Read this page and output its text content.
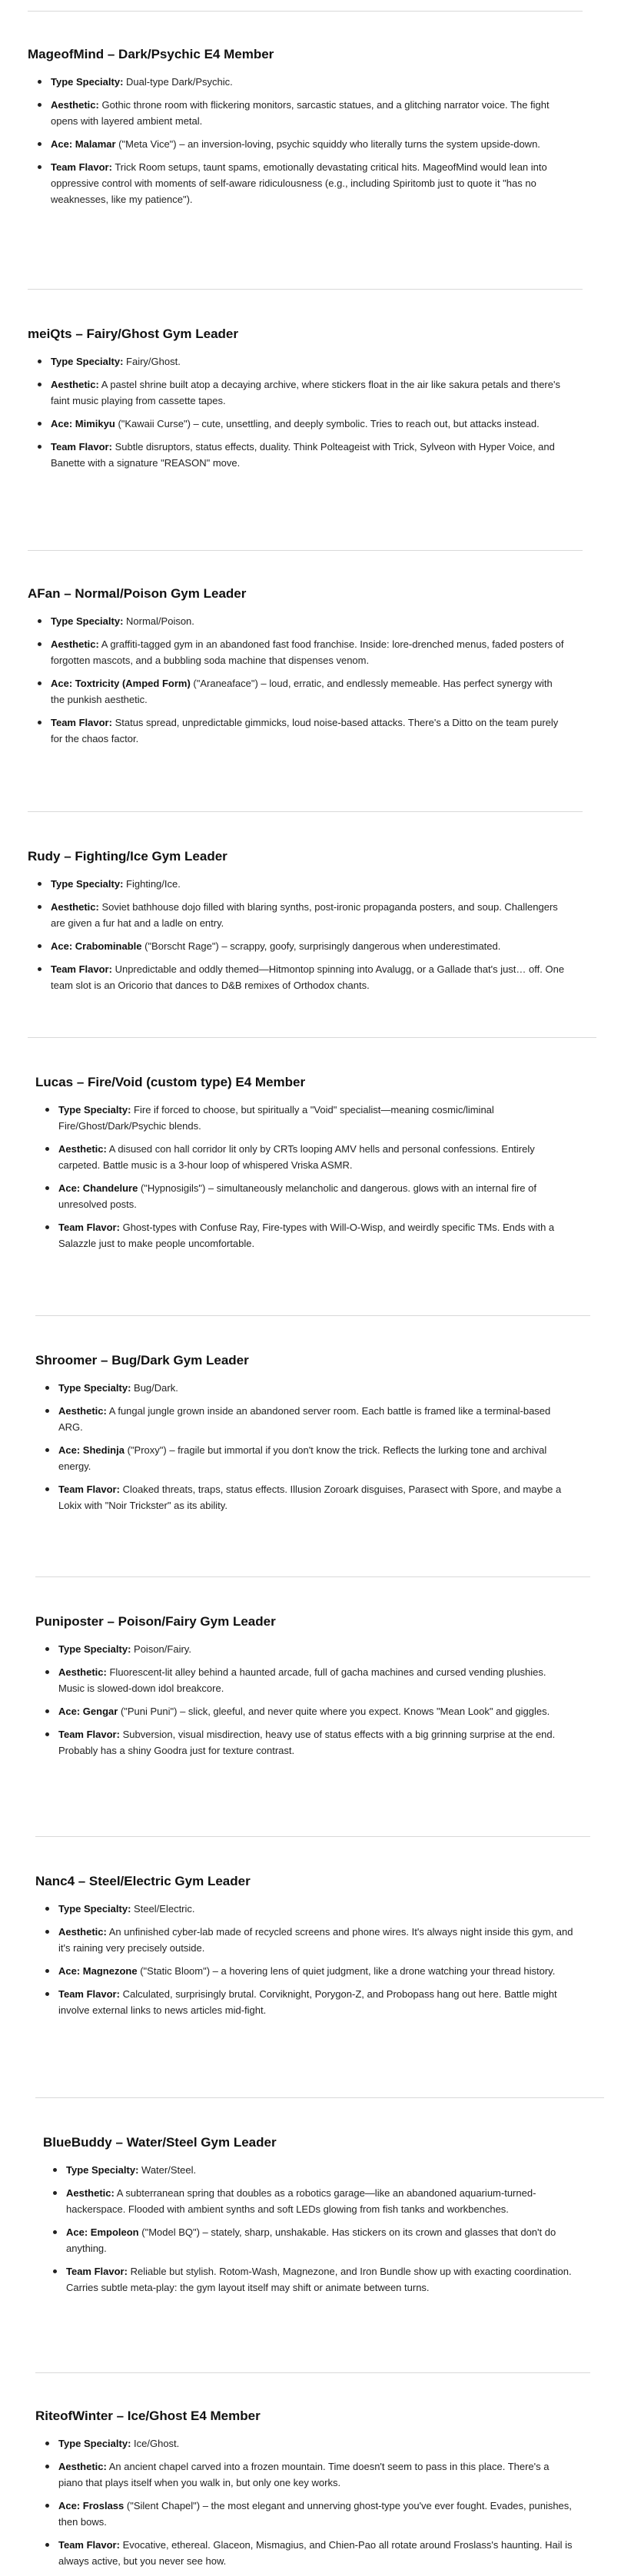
MageofMind – Dark/Psychic E4 Member
Type Specialty: Dual-type Dark/Psychic.
Aesthetic: Gothic throne room with flickering monitors, sarcastic statues, and a glitching narrator voice. The fight opens with layered ambient metal.
Ace: Malamar ("Meta Vice") – an inversion-loving, psychic squiddy who literally turns the system upside-down.
Team Flavor: Trick Room setups, taunt spams, emotionally devastating critical hits. MageofMind would lean into oppressive control with moments of self-aware ridiculousness (e.g., including Spiritomb just to quote it "has no weaknesses, like my patience").
meiQts – Fairy/Ghost Gym Leader
Type Specialty: Fairy/Ghost.
Aesthetic: A pastel shrine built atop a decaying archive, where stickers float in the air like sakura petals and there's faint music playing from cassette tapes.
Ace: Mimikyu ("Kawaii Curse") – cute, unsettling, and deeply symbolic. Tries to reach out, but attacks instead.
Team Flavor: Subtle disruptors, status effects, duality. Think Polteageist with Trick, Sylveon with Hyper Voice, and Banette with a signature "REASON" move.
AFan – Normal/Poison Gym Leader
Type Specialty: Normal/Poison.
Aesthetic: A graffiti-tagged gym in an abandoned fast food franchise. Inside: lore-drenched menus, faded posters of forgotten mascots, and a bubbling soda machine that dispenses venom.
Ace: Toxtricity (Amped Form) ("Araneaface") – loud, erratic, and endlessly memeable. Has perfect synergy with the punkish aesthetic.
Team Flavor: Status spread, unpredictable gimmicks, loud noise-based attacks. There's a Ditto on the team purely for the chaos factor.
Rudy – Fighting/Ice Gym Leader
Type Specialty: Fighting/Ice.
Aesthetic: Soviet bathhouse dojo filled with blaring synths, post-ironic propaganda posters, and soup. Challengers are given a fur hat and a ladle on entry.
Ace: Crabominable ("Borscht Rage") – scrappy, goofy, surprisingly dangerous when underestimated.
Team Flavor: Unpredictable and oddly themed—Hitmontop spinning into Avalugg, or a Gallade that's just… off. One team slot is an Oricorio that dances to D&B remixes of Orthodox chants.
Lucas – Fire/Void (custom type) E4 Member
Type Specialty: Fire if forced to choose, but spiritually a "Void" specialist—meaning cosmic/liminal Fire/Ghost/Dark/Psychic blends.
Aesthetic: A disused con hall corridor lit only by CRTs looping AMV hells and personal confessions. Entirely carpeted. Battle music is a 3-hour loop of whispered Vriska ASMR.
Ace: Chandelure ("Hypnosigils") – simultaneously melancholic and dangerous. glows with an internal fire of unresolved posts.
Team Flavor: Ghost-types with Confuse Ray, Fire-types with Will-O-Wisp, and weirdly specific TMs. Ends with a Salazzle just to make people uncomfortable.
Shroomer – Bug/Dark Gym Leader
Type Specialty: Bug/Dark.
Aesthetic: A fungal jungle grown inside an abandoned server room. Each battle is framed like a terminal-based ARG.
Ace: Shedinja ("Proxy") – fragile but immortal if you don't know the trick. Reflects the lurking tone and archival energy.
Team Flavor: Cloaked threats, traps, status effects. Illusion Zoroark disguises, Parasect with Spore, and maybe a Lokix with "Noir Trickster" as its ability.
Puniposter – Poison/Fairy Gym Leader
Type Specialty: Poison/Fairy.
Aesthetic: Fluorescent-lit alley behind a haunted arcade, full of gacha machines and cursed vending plushies. Music is slowed-down idol breakcore.
Ace: Gengar ("Puni Puni") – slick, gleeful, and never quite where you expect. Knows "Mean Look" and giggles.
Team Flavor: Subversion, visual misdirection, heavy use of status effects with a big grinning surprise at the end. Probably has a shiny Goodra just for texture contrast.
Nanc4 – Steel/Electric Gym Leader
Type Specialty: Steel/Electric.
Aesthetic: An unfinished cyber-lab made of recycled screens and phone wires. It's always night inside this gym, and it's raining very precisely outside.
Ace: Magnezone ("Static Bloom") – a hovering lens of quiet judgment, like a drone watching your thread history.
Team Flavor: Calculated, surprisingly brutal. Corviknight, Porygon-Z, and Probopass hang out here. Battle might involve external links to news articles mid-fight.
BlueBuddy – Water/Steel Gym Leader
Type Specialty: Water/Steel.
Aesthetic: A subterranean spring that doubles as a robotics garage—like an abandoned aquarium-turned-hackerspace. Flooded with ambient synths and soft LEDs glowing from fish tanks and workbenches.
Ace: Empoleon ("Model BQ") – stately, sharp, unshakable. Has stickers on its crown and glasses that don't do anything.
Team Flavor: Reliable but stylish. Rotom-Wash, Magnezone, and Iron Bundle show up with exacting coordination. Carries subtle meta-play: the gym layout itself may shift or animate between turns.
RiteofWinter – Ice/Ghost E4 Member
Type Specialty: Ice/Ghost.
Aesthetic: An ancient chapel carved into a frozen mountain. Time doesn't seem to pass in this place. There's a piano that plays itself when you walk in, but only one key works.
Ace: Froslass ("Silent Chapel") – the most elegant and unnerving ghost-type you've ever fought. Evades, punishes, then bows.
Team Flavor: Evocative, ethereal. Glaceon, Mismagius, and Chien-Pao all rotate around Froslass's haunting. Hail is always active, but you never see how.
